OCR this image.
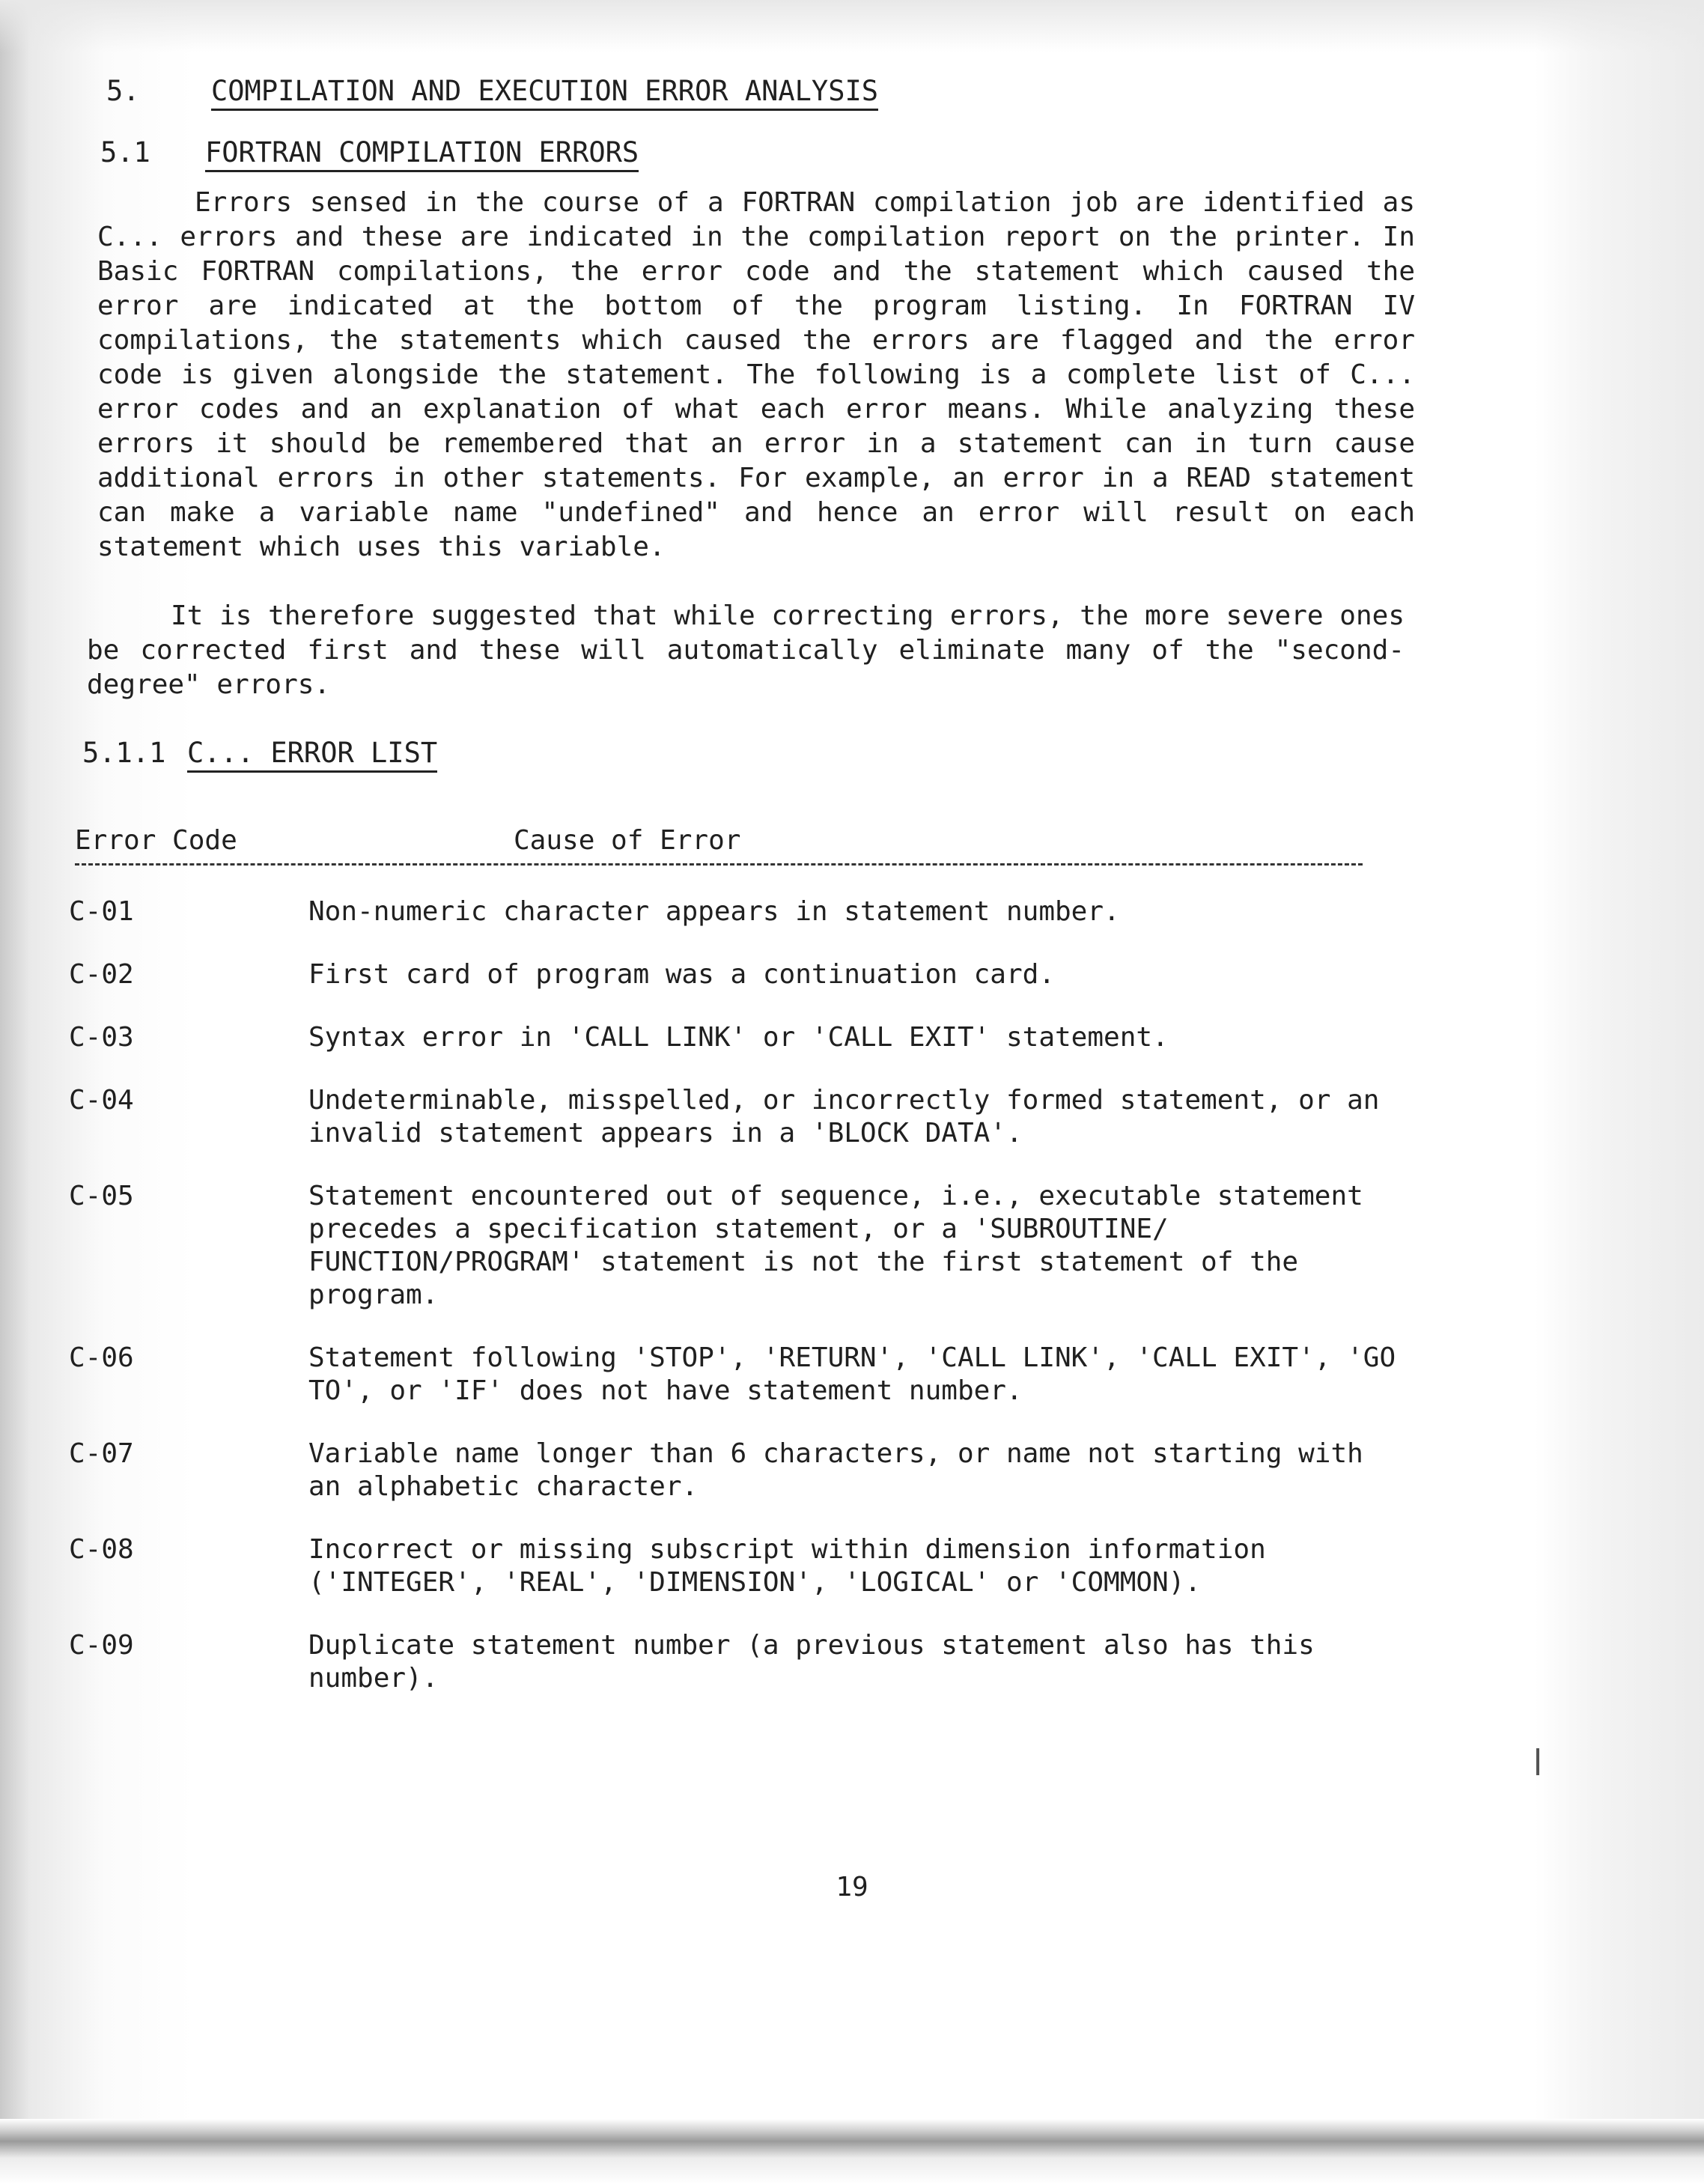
5.	COMPILATION AND EXECUTION ERROR ANALYSIS
5.1	FORTRAN COMPILATION ERRORS

Errors sensed in the course of a FORTRAN compilation job are identified as C... errors and these are indicated in the compilation report on the printer. In Basic FORTRAN compilations, the error code and the statement which caused the error are indicated at the bottom of the program listing. In FORTRAN IV compilations, the statements which caused the errors are flagged and the error code is given alongside the statement. The following is a complete list of C... error codes and an explanation of what each error means. While analyzing these errors it should be remembered that an error in a statement can in turn cause additional errors in other statements. For example, an error in a READ statement can make a variable name "undefined" and hence an error will result on each statement which uses this variable.

It is therefore suggested that while correcting errors, the more severe ones be corrected first and these will automatically eliminate many of the "second-degree" errors.

5.1.1 C... ERROR LIST
Error Code	Cause of Error
C-01	Non-numeric character appears in statement number.
C-02	First card of program was a continuation card.
C-03	Syntax error in 'CALL LINK' or 'CALL EXIT' statement.
C-04	Undeterminable, misspelled, or incorrectly formed statement, or an invalid statement appears in a 'BLOCK DATA'.
C-05	Statement encountered out of sequence, i.e., executable statement precedes a specification statement, or a 'SUBROUTINE/ FUNCTION/PROGRAM' statement is not the first statement of the program.
C-06	Statement following 'STOP', 'RETURN', 'CALL LINK', 'CALL EXIT', 'GO TO', or 'IF' does not have statement number.
C-07	Variable name longer than 6 characters, or name not starting with an alphabetic character.
C-08	Incorrect or missing subscript within dimension information ('INTEGER', 'REAL', 'DIMENSION', 'LOGICAL' or 'COMMON).
C-09	Duplicate statement number (a previous statement also has this number).
19
